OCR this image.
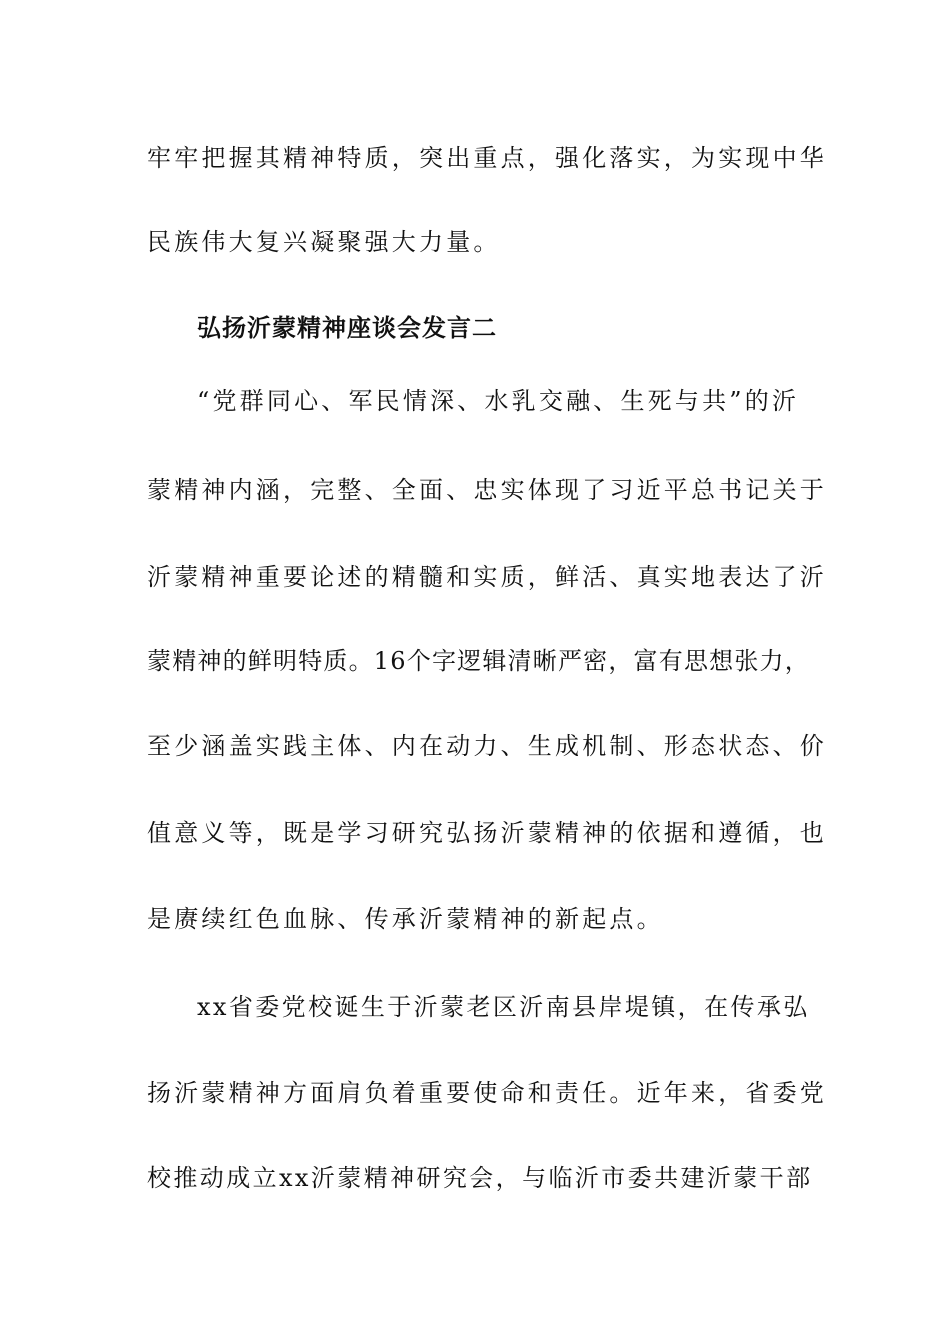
牢牢把握其精神特质，突出重点，强化落实，为实现中华
民族伟大复兴凝聚强大力量。
弘扬沂蒙精神座谈会发言二
“党群同心、军民情深、水乳交融、生死与共”的沂
蒙精神内涵，完整、全面、忠实体现了习近平总书记关于
沂蒙精神重要论述的精髓和实质，鲜活、真实地表达了沂
蒙精神的鲜明特质。16个字逻辑清晰严密，富有思想张力，
至少涵盖实践主体、内在动力、生成机制、形态状态、价
值意义等，既是学习研究弘扬沂蒙精神的依据和遵循，也
是赓续红色血脉、传承沂蒙精神的新起点。
xx省委党校诞生于沂蒙老区沂南县岸堤镇，在传承弘
扬沂蒙精神方面肩负着重要使命和责任。近年来，省委党
校推动成立xx沂蒙精神研究会，与临沂市委共建沂蒙干部
